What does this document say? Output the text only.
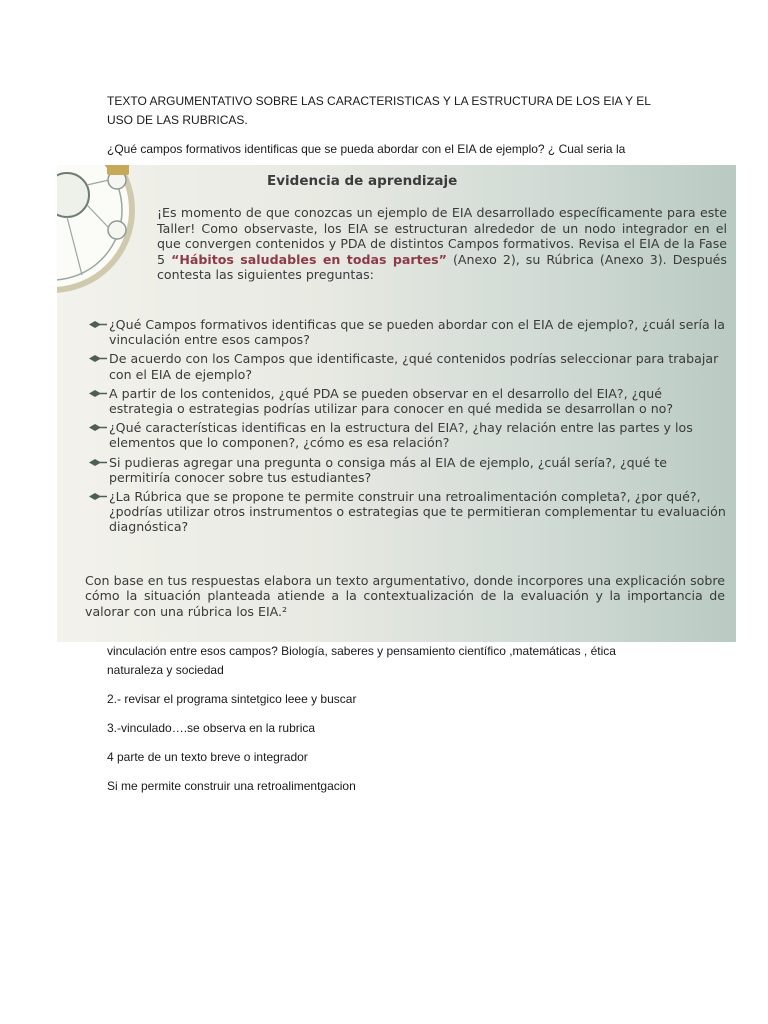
TEXTO ARGUMENTATIVO SOBRE LAS CARACTERISTICAS Y LA ESTRUCTURA DE LOS EIA Y EL USO DE LAS RUBRICAS.
¿Qué campos formativos identificas que se pueda abordar con el EIA de ejemplo? ¿ Cual seria la
Evidencia de aprendizaje
¡Es momento de que conozcas un ejemplo de EIA desarrollado específicamente para este Taller! Como observaste, los EIA se estructuran alrededor de un nodo integrador en el que convergen contenidos y PDA de distintos Campos formativos. Revisa el EIA de la Fase 5 “Hábitos saludables en todas partes” (Anexo 2), su Rúbrica (Anexo 3). Después contesta las siguientes preguntas:
¿Qué Campos formativos identificas que se pueden abordar con el EIA de ejemplo?, ¿cuál sería la vinculación entre esos campos?
De acuerdo con los Campos que identificaste, ¿qué contenidos podrías seleccionar para trabajar con el EIA de ejemplo?
A partir de los contenidos, ¿qué PDA se pueden observar en el desarrollo del EIA?, ¿qué estrategia o estrategias podrías utilizar para conocer en qué medida se desarrollan o no?
¿Qué características identificas en la estructura del EIA?, ¿hay relación entre las partes y los elementos que lo componen?, ¿cómo es esa relación?
Si pudieras agregar una pregunta o consiga más al EIA de ejemplo, ¿cuál sería?, ¿qué te permitiría conocer sobre tus estudiantes?
¿La Rúbrica que se propone te permite construir una retroalimentación completa?, ¿por qué?, ¿podrías utilizar otros instrumentos o estrategias que te permitieran complementar tu evaluación diagnóstica?
Con base en tus respuestas elabora un texto argumentativo, donde incorpores una explicación sobre cómo la situación planteada atiende a la contextualización de la evaluación y la importancia de valorar con una rúbrica los EIA.²
vinculación entre esos campos? Biología, saberes y pensamiento científico ,matemáticas , ética naturaleza y sociedad
2.- revisar el programa sintetgico leee y buscar
3.-vinculado….se observa en la rubrica
4 parte de un texto breve o integrador
Si me permite construir una retroalimentgacion
